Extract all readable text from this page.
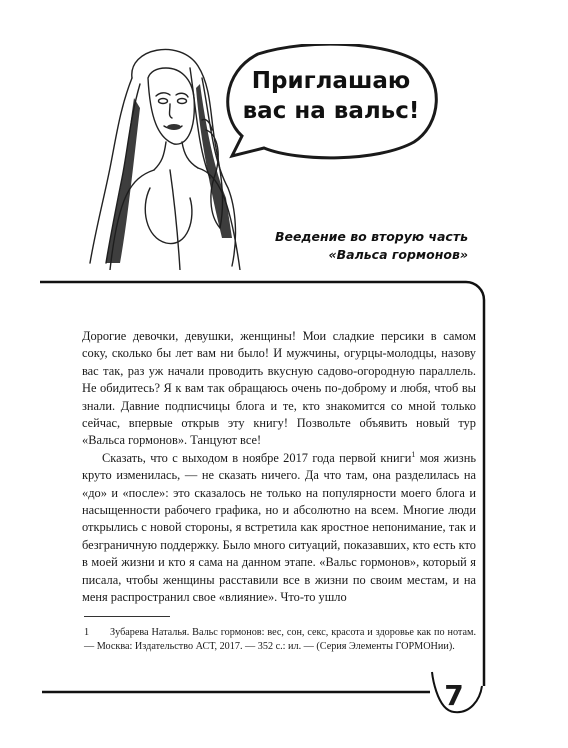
Приглашаю вас на вальс!
Веедение во вторую часть
«Вальса гормонов»

Дорогие девочки, девушки, женщины! Мои сладкие персики в самом соку, сколько бы лет вам ни было! И мужчины, огурцы-молодцы, назову вас так, раз уж начали проводить вкусную садово-огородную параллель. Не обидитесь? Я к вам так обращаюсь очень по-доброму и любя, чтоб вы знали. Давние подписчицы блога и те, кто знакомится со мной только сейчас, впервые открыв эту книгу! Позвольте объявить новый тур «Вальса гормонов». Танцуют все!

Сказать, что с выходом в ноябре 2017 года первой книги$^1$ моя жизнь круто изменилась, — не сказать ничего. Да что там, она разделилась на «до» и «после»: это сказалось не только на популярности моего блога и насыщенности рабочего графика, но и абсолютно на всем. Многие люди открылись с новой стороны, я встретила как яростное непонимание, так и безграничную поддержку. Было много ситуаций, показавших, кто есть кто в моей жизни и кто я сама на данном этапе. «Вальс гормонов», который я писала, чтобы женщины расставили все в жизни по своим местам, и на меня распространил свое «влияние». Что-то ушло

1 Зубарева Наталья. Вальс гормонов: вес, сон, секс, красота и здоровье как по нотам. — Москва: Издательство АСТ, 2017. — 352 с.: ил. — (Серия Элементы ГОРМОНии).
7
